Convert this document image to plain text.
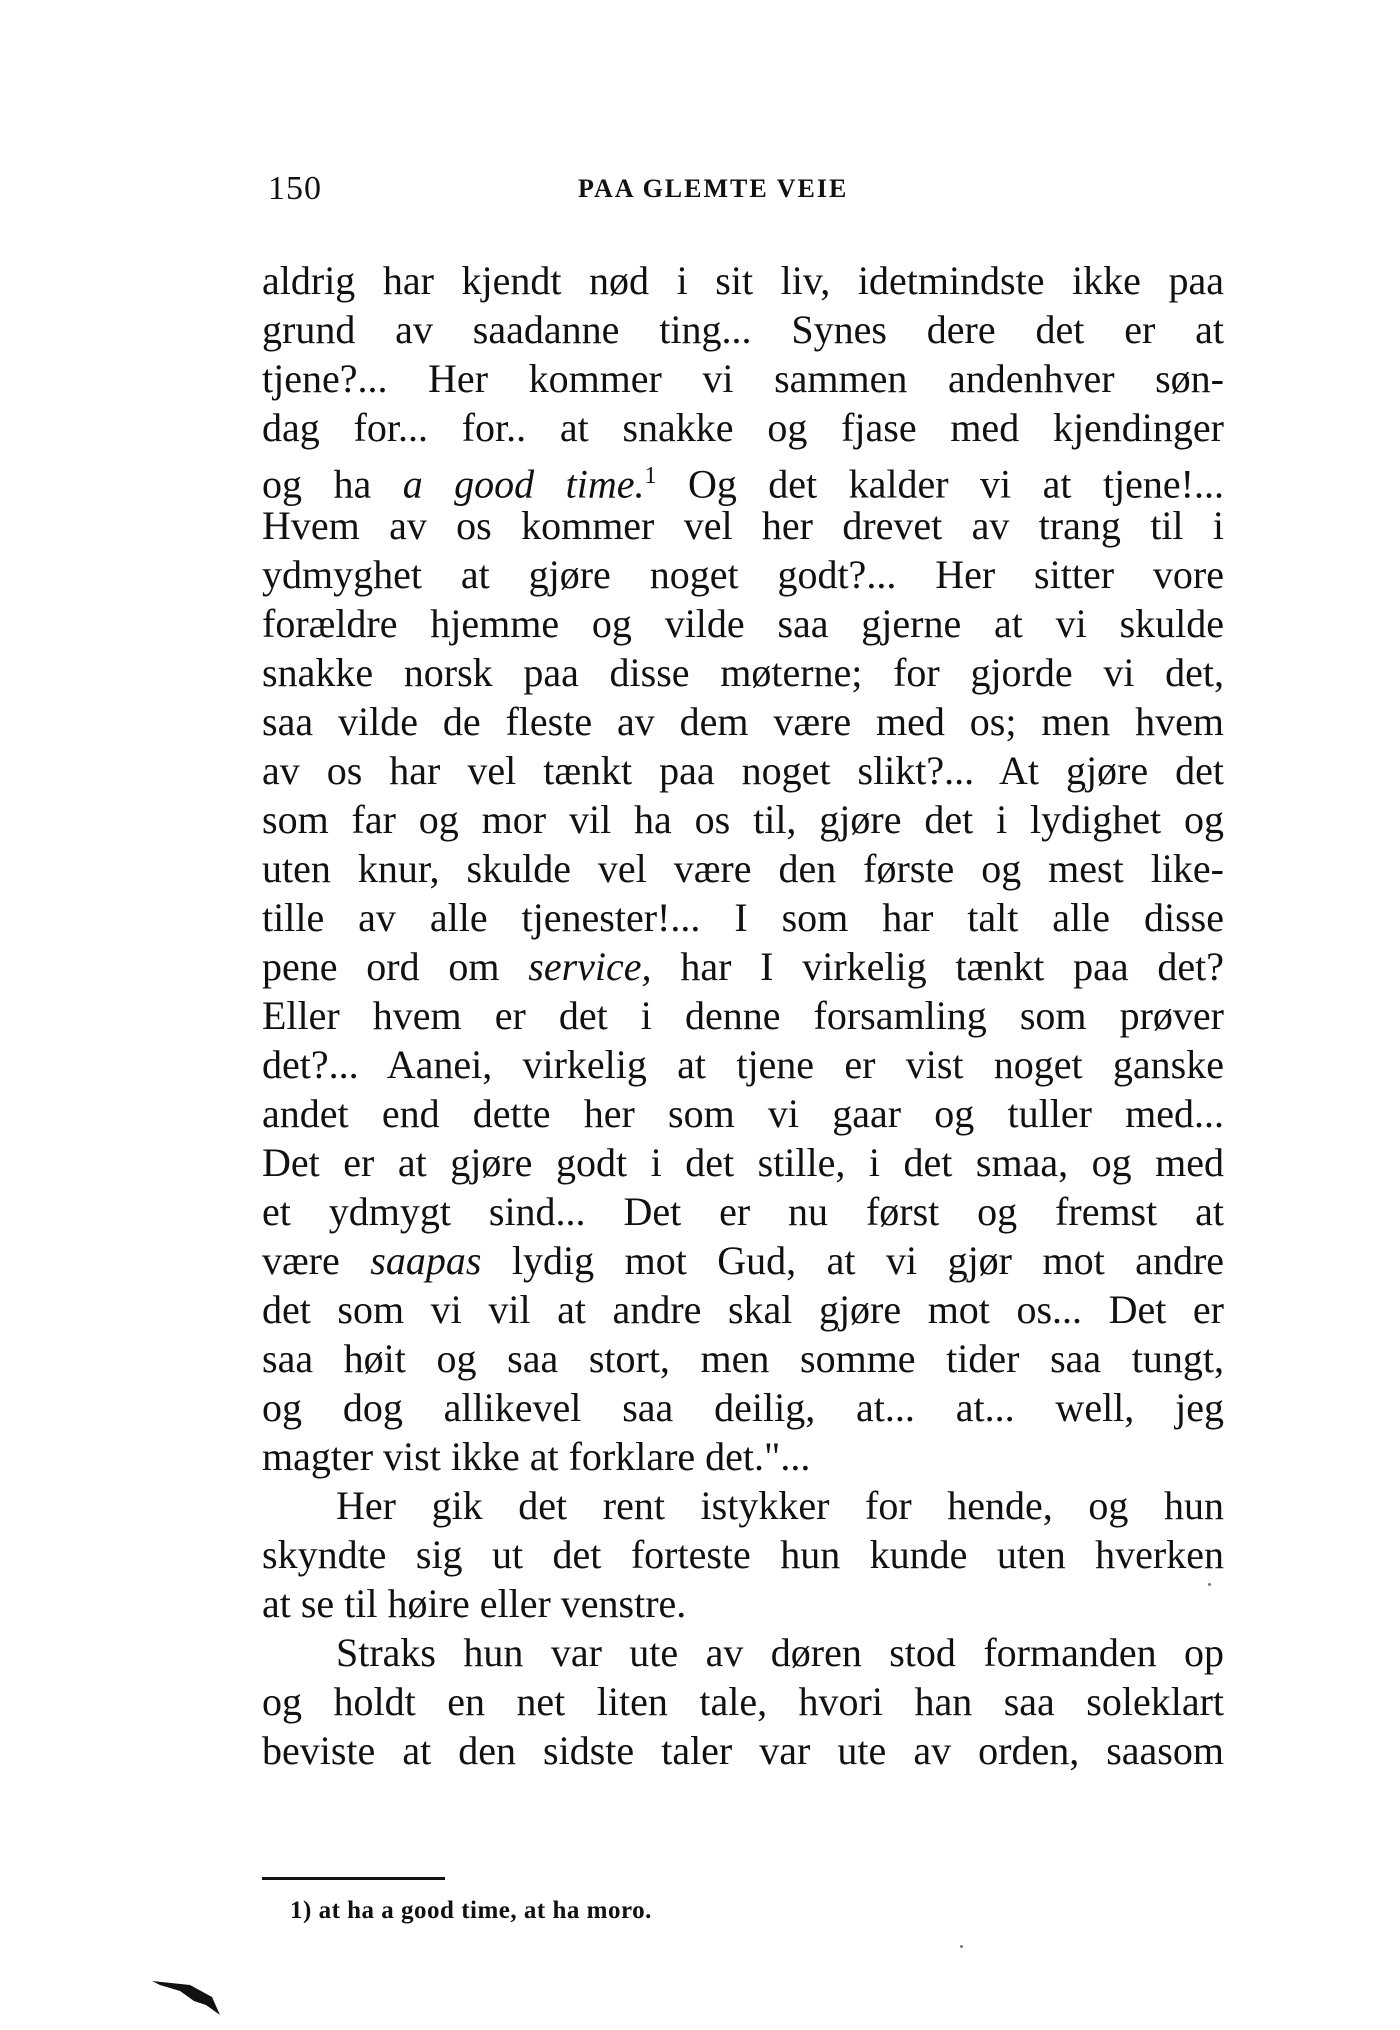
150	PAA GLEMTE VEIE
aldrig har kjendt nød i sit liv, idetmindste ikke paa
grund av saadanne ting... Synes dere det er at
tjene?... Her kommer vi sammen andenhver søn-
dag for... for.. at snakke og fjase med kjendinger
og ha a good time.$^1$ Og det kalder vi at tjene!...
Hvem av os kommer vel her drevet av trang til i
ydmyghet at gjøre noget godt?... Her sitter vore
forældre hjemme og vilde saa gjerne at vi skulde
snakke norsk paa disse møterne; for gjorde vi det,
saa vilde de fleste av dem være med os; men hvem
av os har vel tænkt paa noget slikt?... At gjøre det
som far og mor vil ha os til, gjøre det i lydighet og
uten knur, skulde vel være den første og mest like-
tille av alle tjenester!... I som har talt alle disse
pene ord om service, har I virkelig tænkt paa det?
Eller hvem er det i denne forsamling som prøver
det?... Aanei, virkelig at tjene er vist noget ganske
andet end dette her som vi gaar og tuller med...
Det er at gjøre godt i det stille, i det smaa, og med
et ydmygt sind... Det er nu først og fremst at
være saapas lydig mot Gud, at vi gjør mot andre
det som vi vil at andre skal gjøre mot os... Det er
saa høit og saa stort, men somme tider saa tungt,
og dog allikevel saa deilig, at... at... well, jeg
magter vist ikke at forklare det."...
Her gik det rent istykker for hende, og hun
skyndte sig ut det forteste hun kunde uten hverken
at se til høire eller venstre.
Straks hun var ute av døren stod formanden op
og holdt en net liten tale, hvori han saa soleklart
beviste at den sidste taler var ute av orden, saasom
1) at ha a good time, at ha moro.
